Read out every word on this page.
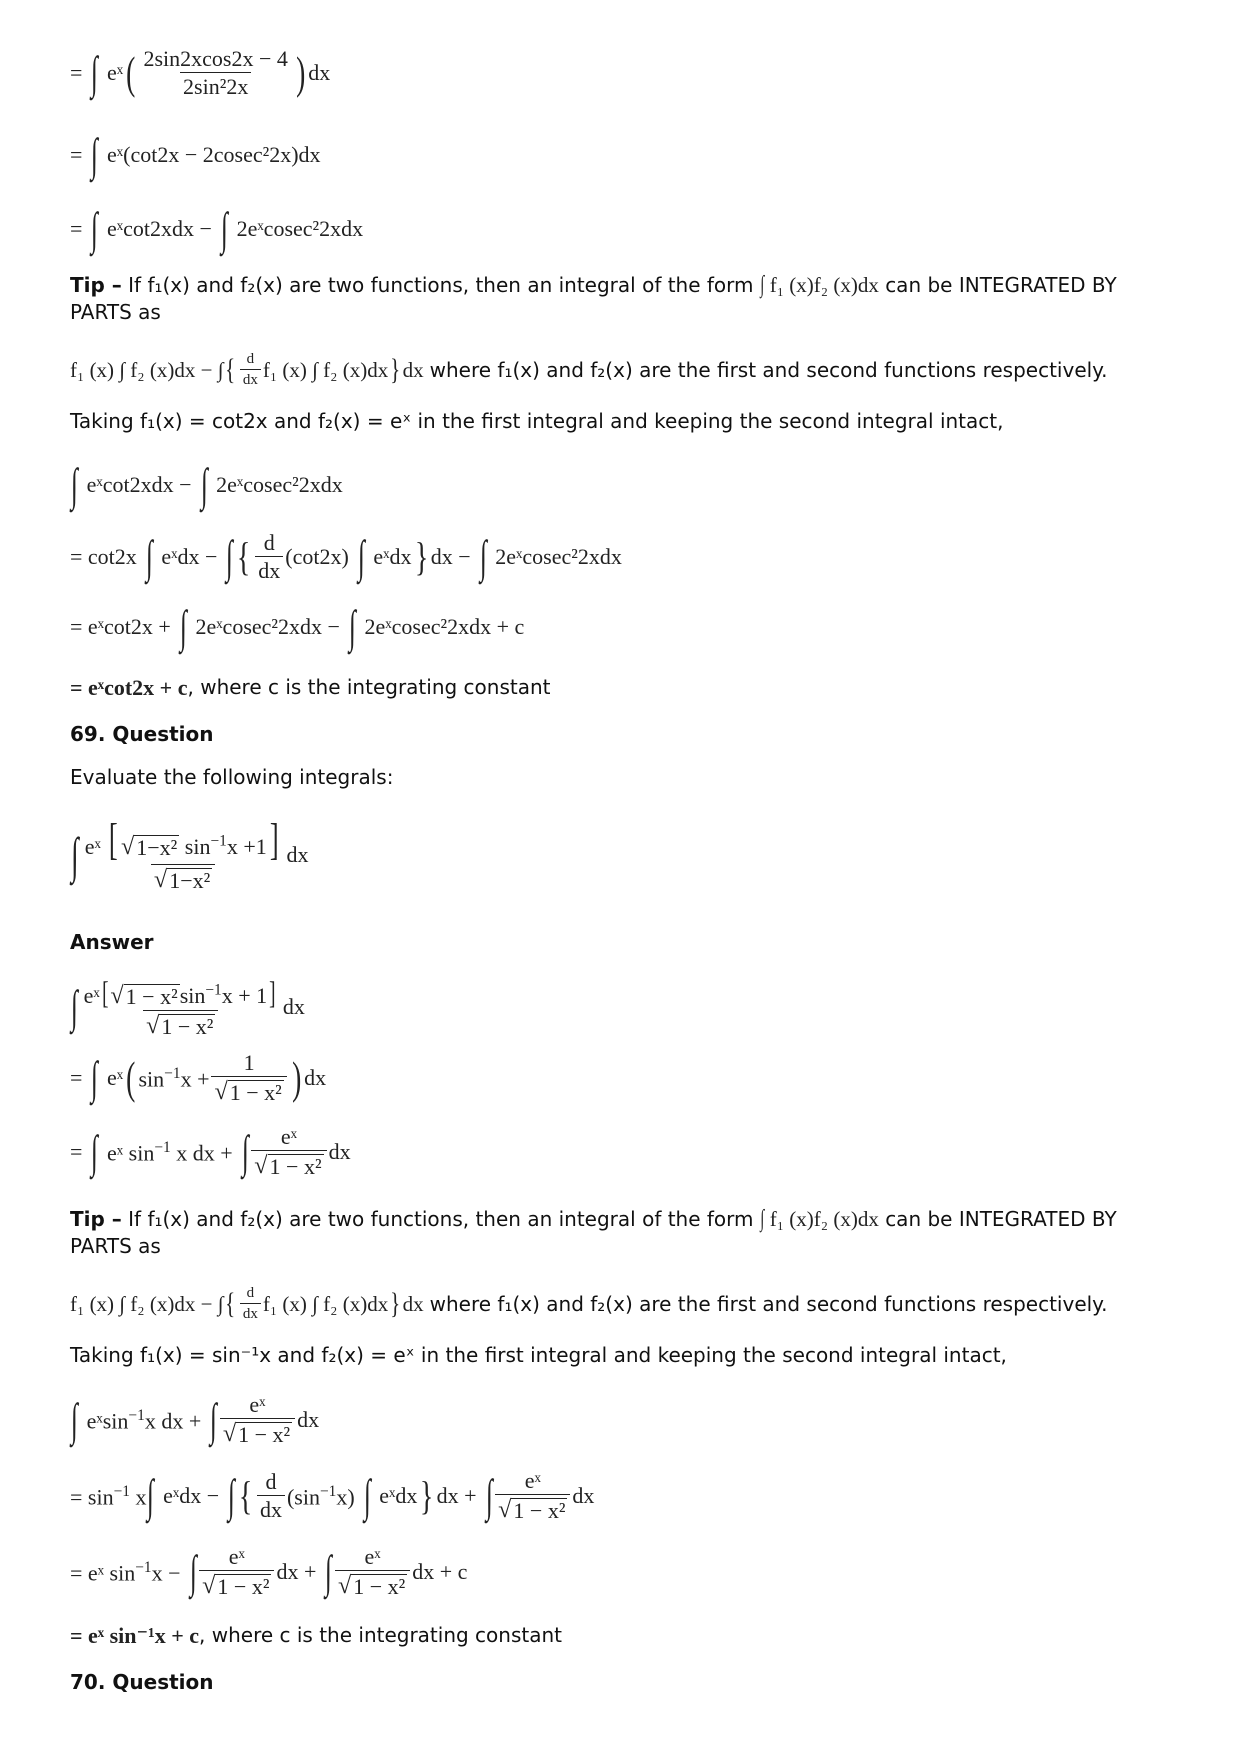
= ∫ eˣ ( $\frac{2\sin 2xcos2x - 4}{\text{2sin²2x}}$ ) dx
= ∫ eˣ(cot2x − 2cosec²2x)dx
= ∫ eˣcot2xdx − ∫ 2eˣcosec²2xdx
Tip – If f₁(x) and f₂(x) are two functions, then an integral of the form ∫ f₁ (x)f₂ (x)dx can be INTEGRATED BY
PARTS as
f₁ (x) ∫ f₂ (x)dx − ∫ { $\frac{d}{dx} f_1$ (x) ∫ f₂ (x)dx } dx where f₁(x) and f₂(x) are the first and second functions respectively.
Taking f₁(x) = cot2x and f₂(x) = eˣ in the first integral and keeping the second integral intact,
∫ eˣcot2xdx − ∫ 2eˣcosec²2xdx
= cot2x ∫ eˣdx − ∫ { $\frac{d}{dx} (\cot 2x)$ ∫ eˣdx } dx − ∫ 2eˣcosec²2xdx
= eˣcot2x + ∫ 2eˣcosec²2xdx − ∫ 2eˣcosec²2xdx + c
= eˣcot2x + c , where c is the integrating constant
69. Question
Evaluate the following integrals:
∫ $\frac{eˣ [ √ 1-x^2 \sin^{-1}x +1]}{\text{√ 1−x²}}$ dx
Answer
∫ $\frac{eˣ[ √ 1 - x^2 \sin^{-1}x + 1]}{\text{√ 1 − x²}}$ dx
= ∫ eˣ ( $\sin^{-1}x + \frac{1}{\text{√ 1 − x²}}$ ) dx
= ∫ eˣ $\sin^{-1} x$ dx + ∫ $\frac{\text{eˣ}}{\text{√ 1 − x²}}$ dx
Tip – If f₁(x) and f₂(x) are two functions, then an integral of the form ∫ f₁ (x)f₂ (x)dx can be INTEGRATED BY
PARTS as
f₁ (x) ∫ f₂ (x)dx − ∫ { $\frac{d}{dx} f_1$ (x) ∫ f₂ (x)dx } dx where f₁(x) and f₂(x) are the first and second functions respectively.
Taking f₁(x) = sin⁻¹x and f₂(x) = eˣ in the first integral and keeping the second integral intact,
∫ eˣsin$^{-1}$x dx + ∫ $\frac{\text{eˣ}}{\text{√ 1 − x²}}$ dx
= $\sin^{-1} x$ ∫ eˣdx − ∫ { $\frac{d}{dx} (\sin^{-1}x)$ ∫ eˣdx } dx + ∫ $\frac{\text{eˣ}}{\text{√ 1 − x²}}$ dx
= eˣ $\sin^{-1}x$ − ∫ $\frac{\text{eˣ}}{\text{√ 1 − x²}}$ dx + ∫ $\frac{\text{eˣ}}{\text{√ 1 − x²}}$ dx + c
= eˣ sin⁻¹x + c , where c is the integrating constant
70. Question
